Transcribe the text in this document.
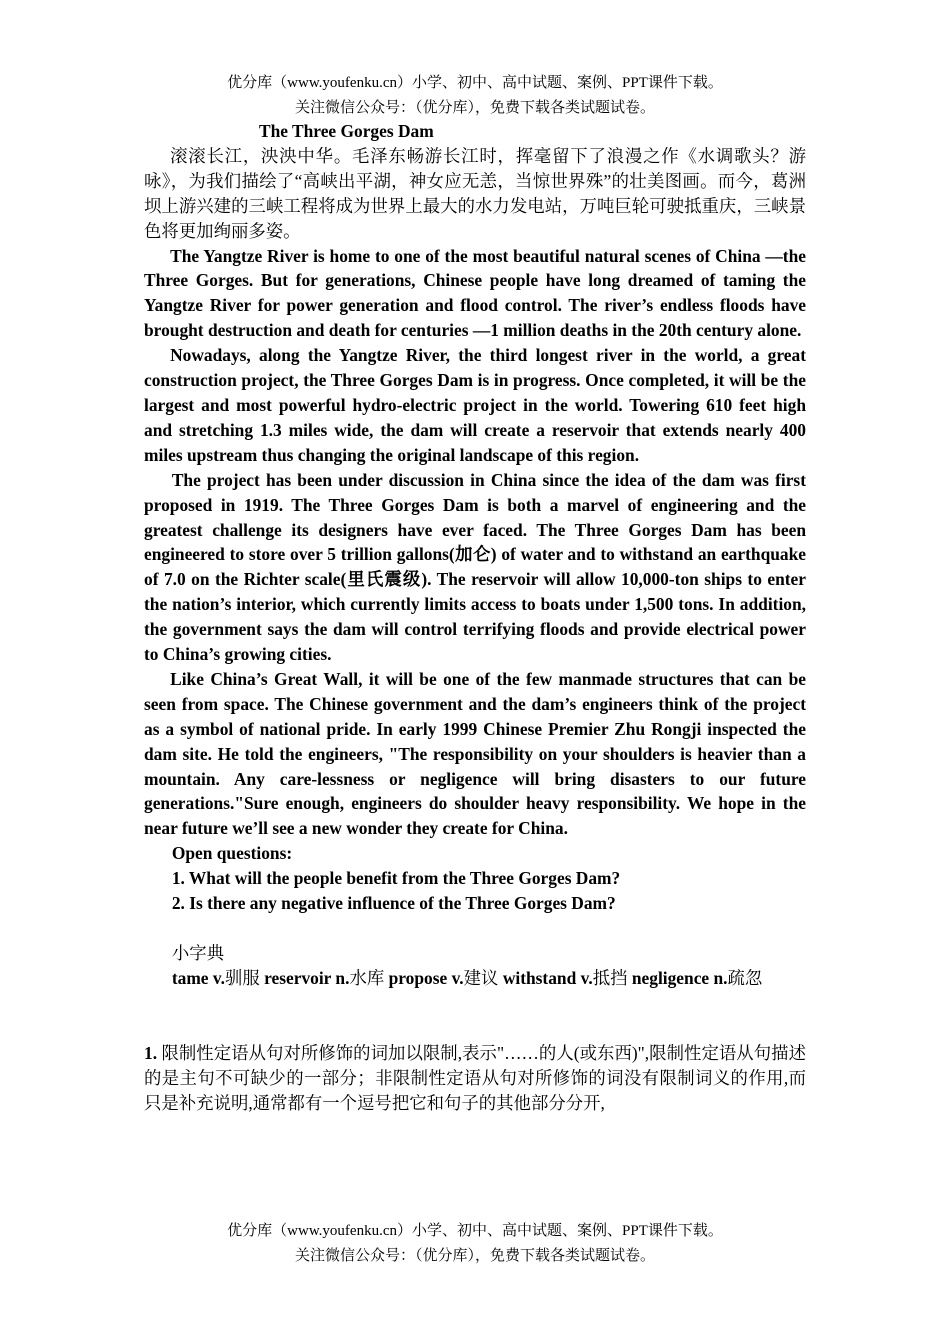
优分库（www.youfenku.cn）小学、初中、高中试题、案例、PPT课件下载。
关注微信公众号：（优分库），免费下载各类试题试卷。

The Three Gorges Dam

滚滚长江，泱泱中华。毛泽东畅游长江时，挥毫留下了浪漫之作《水调歌头？游咏》，为我们描绘了“高峡出平湖，神女应无恙，当惊世界殊”的壮美图画。而今，葛洲坝上游兴建的三峡工程将成为世界上最大的水力发电站，万吨巨轮可驶抵重庆，三峡景色将更加绚丽多姿。

The Yangtze River is home to one of the most beautiful natural scenes of China —the Three Gorges. But for generations, Chinese people have long dreamed of taming the Yangtze River for power generation and flood control. The river’s endless floods have brought destruction and death for centuries —1 million deaths in the 20th century alone.

Nowadays, along the Yangtze River, the third longest river in the world, a great construction project, the Three Gorges Dam is in progress. Once completed, it will be the largest and most powerful hydro-electric project in the world. Towering 610 feet high and stretching 1.3 miles wide, the dam will create a reservoir that extends nearly 400 miles upstream thus changing the original landscape of this region.

The project has been under discussion in China since the idea of the dam was first proposed in 1919. The Three Gorges Dam is both a marvel of engineering and the greatest challenge its designers have ever faced. The Three Gorges Dam has been engineered to store over 5 trillion gallons(加仑) of water and to withstand an earthquake of 7.0 on the Richter scale(里氏震级). The reservoir will allow 10,000-ton ships to enter the nation’s interior, which currently limits access to boats under 1,500 tons. In addition, the government says the dam will control terrifying floods and provide electrical power to China’s growing cities.

Like China’s Great Wall, it will be one of the few manmade structures that can be seen from space. The Chinese government and the dam’s engineers think of the project as a symbol of national pride. In early 1999 Chinese Premier Zhu Rongji inspected the dam site. He told the engineers, "The responsibility on your shoulders is heavier than a mountain. Any care-lessness or negligence will bring disasters to our future generations."Sure enough, engineers do shoulder heavy responsibility. We hope in the near future we’ll see a new wonder they create for China.

Open questions:

1. What will the people benefit from the Three Gorges Dam?

2. Is there any negative influence of the Three Gorges Dam?

小字典

tame v.驯服 reservoir n.水库 propose v.建议 withstand v.抵挡 negligence n.疏忽

1. 限制性定语从句对所修饰的词加以限制,表示"……的人(或东西)",限制性定语从句描述的是主句不可缺少的一部分；非限制性定语从句对所修饰的词没有限制词义的作用,而只是补充说明,通常都有一个逗号把它和句子的其他部分分开,

优分库（www.youfenku.cn）小学、初中、高中试题、案例、PPT课件下载。
关注微信公众号：（优分库），免费下载各类试题试卷。
